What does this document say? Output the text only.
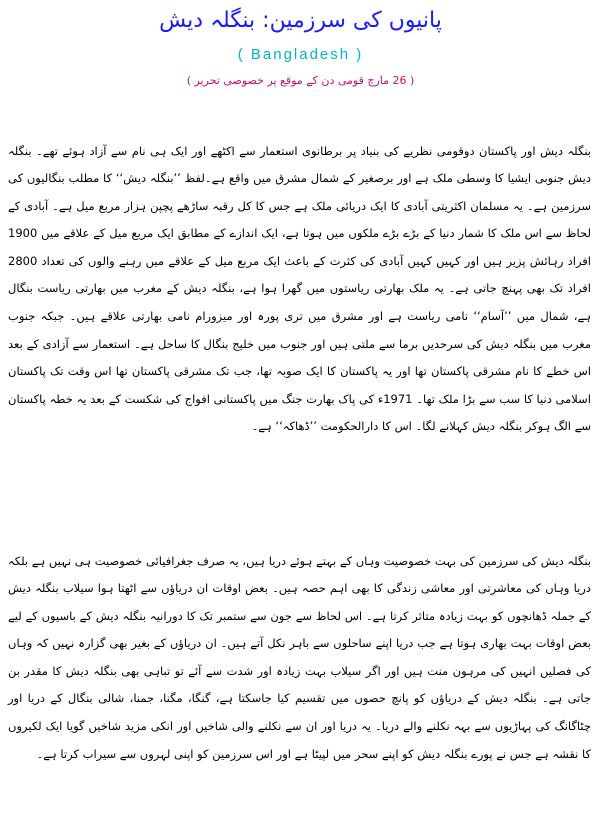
پانیوں کی سرزمین: بنگلہ دیش
( Bangladesh )
( 26 مارچ قومی دن کے موقع پر خصوصی تحریر )

بنگلہ دیش اور پاکستان دوقومی نظریے کی بنیاد پر برطانوی استعمار سے اکٹھے اور ایک ہی نام سے آزاد ہوئے تھے۔ بنگلہ دیش جنوبی ایشیا کا وسطی ملک ہے اور برصغیر کے شمال مشرق میں واقع ہے۔لفظ ’’بنگلہ دیش‘‘ کا مطلب بنگالیوں کی سرزمین ہے۔ یہ مسلمان اکثریتی آبادی کا ایک دریائی ملک ہے جس کا کل رقبہ ساڑھے پچپن ہزار مربع میل ہے۔ آبادی کے لحاظ سے اس ملک کا شمار دنیا کے بڑے بڑے ملکوں میں ہوتا ہے، ایک اندازے کے مطابق ایک مربع میل کے علاقے میں 1900 افراد رہائش پزیر ہیں اور کہیں کہیں آبادی کی کثرت کے باعث ایک مربع میل کے علاقے میں رہنے والوں کی تعداد 2800 افراد تک بھی پہنچ جاتی ہے۔ یہ ملک بھارتی ریاستوں میں گھرا ہوا ہے، بنگلہ دیش کے مغرب میں بھارتی ریاست بنگال ہے، شمال میں ’’آسام‘‘ نامی ریاست ہے اور مشرق میں تری پورہ اور میزورام نامی بھارتی علاقے ہیں۔ جبکہ جنوب مغرب میں بنگلہ دیش کی سرحدیں برما سے ملتی ہیں اور جنوب میں خلیج بنگال کا ساحل ہے۔ استعمار سے آزادی کے بعد اس خطے کا نام مشرقی پاکستان تھا اور یہ پاکستان کا ایک صوبہ تھا، جب تک مشرقی پاکستان تھا اس وقت تک پاکستان اسلامی دنیا کا سب سے بڑا ملک تھا۔ 1971ء کی پاک بھارت جنگ میں پاکستانی افواج کی شکست کے بعد یہ خطہ پاکستان سے الگ ہوکر بنگلہ دیش کہلانے لگا۔ اس کا دارالحکومت ’’ڈھاکہ‘‘ ہے۔

بنگلہ دیش کی سرزمین کی بہت خصوصیت وہاں کے بہتے ہوئے دریا ہیں، یہ صرف جغرافیائی خصوصیت ہی نہیں ہے بلکہ دریا وہاں کی معاشرتی اور معاشی زندگی کا بھی اہم حصہ ہیں۔ بعض اوقات ان دریاؤں سے اٹھتا ہوا سیلاب بنگلہ دیش کے جملہ ڈھانچوں کو بہت زیادہ متاثر کرتا ہے۔ اس لحاظ سے جون سے ستمبر تک کا دورانیہ بنگلہ دیش کے باسیوں کے لیے بعض اوقات بہت بھاری ہوتا ہے جب دریا اپنے ساحلوں سے باہر نکل آتے ہیں۔ ان دریاؤں کے بغیر بھی گزارہ نہیں کہ وہاں کی فصلیں انہیں کی مرہون منت ہیں اور اگر سیلاب بہت زیادہ اور شدت سے آئے تو تباہی بھی بنگلہ دیش کا مقدر بن جاتی ہے۔ بنگلہ دیش کے دریاؤں کو پانچ حصوں میں تقسیم کیا جاسکتا ہے، گنگا، مگنا، جمنا، شالی بنگال کے دریا اور چٹاگانگ کی پہاڑیوں سے بہہ نکلنے والے دریا۔ یہ دریا اور ان سے نکلنے والی شاخیں اور انکی مزید شاخیں گویا ایک لکیروں کا نقشہ ہے جس نے پورے بنگلہ دیش کو اپنے سحر میں لپیٹا ہے اور اس سرزمین کو اپنی لہروں سے سیراب کرتا ہے۔
